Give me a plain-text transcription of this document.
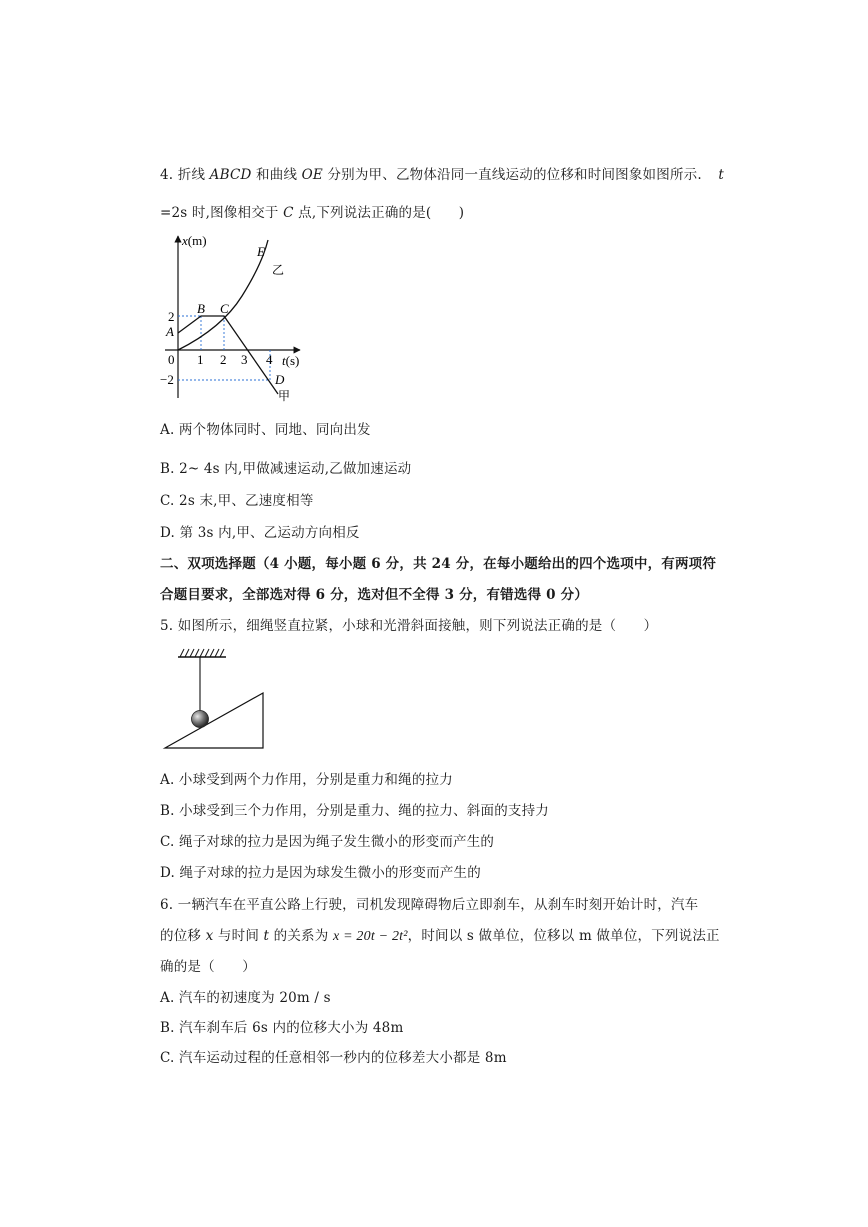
4. 折线 ABCD 和曲线 OE 分别为甲、乙物体沿同一直线运动的位移和时间图象如图所示. t
=2s 时,图像相交于 C 点,下列说法正确的是(　　)
x(m)
t(s)
E
乙
A
B C
D
甲
0
2
−2
1 2 3 4
A. 两个物体同时、同地、同向出发
B. 2~ 4s 内,甲做减速运动,乙做加速运动
C. 2s 末,甲、乙速度相等
D. 第 3s 内,甲、乙运动方向相反
二、双项选择题（4 小题，每小题 6 分，共 24 分，在每小题给出的四个选项中，有两项符
合题目要求，全部选对得 6 分，选对但不全得 3 分，有错选得 0 分）
5. 如图所示，细绳竖直拉紧，小球和光滑斜面接触，则下列说法正确的是（　　）
A. 小球受到两个力作用，分别是重力和绳的拉力
B. 小球受到三个力作用，分别是重力、绳的拉力、斜面的支持力
C. 绳子对球的拉力是因为绳子发生微小的形变而产生的
D. 绳子对球的拉力是因为球发生微小的形变而产生的
6. 一辆汽车在平直公路上行驶，司机发现障碍物后立即刹车，从刹车时刻开始计时，汽车
的位移 x 与时间 t 的关系为 x = 20t − 2t²，时间以 s 做单位，位移以 m 做单位，下列说法正
确的是（　　）
A. 汽车的初速度为 20m / s
B. 汽车刹车后 6s 内的位移大小为 48m
C. 汽车运动过程的任意相邻一秒内的位移差大小都是 8m
